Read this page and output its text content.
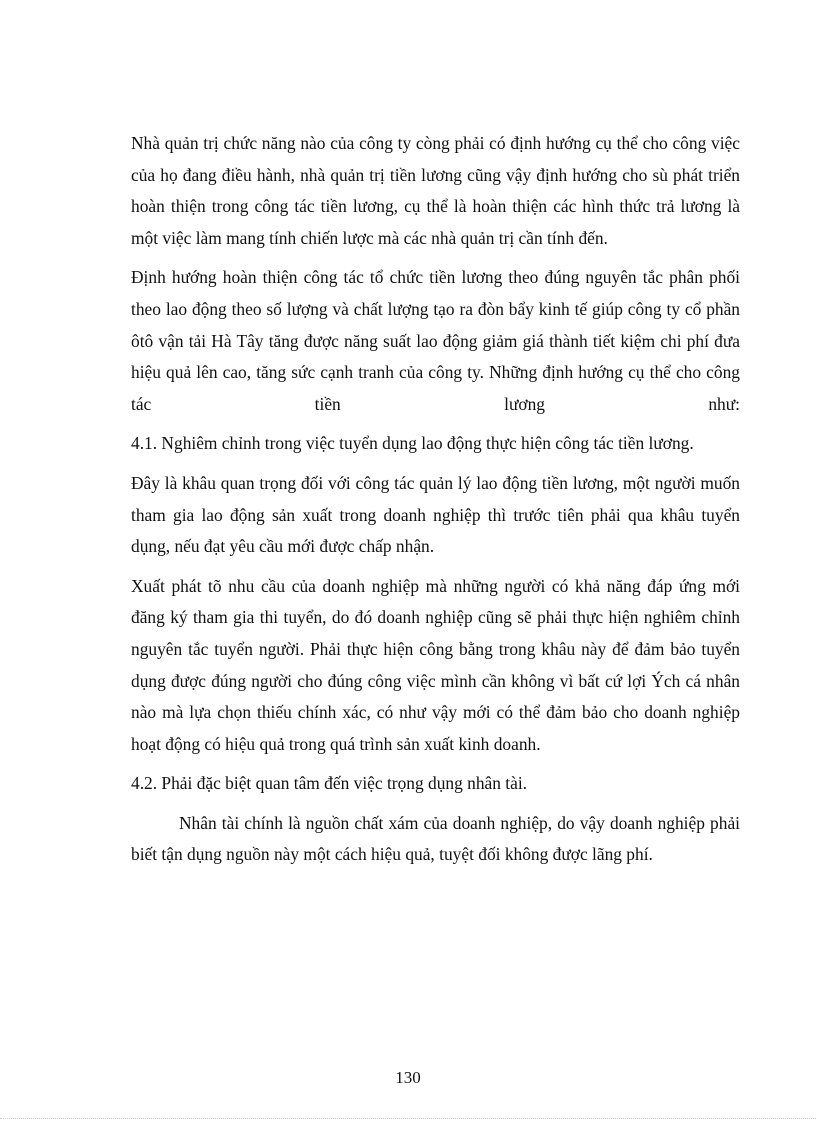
Nhà quản trị chức năng nào của công ty còng phải có định hướng cụ thể cho công việc của họ đang điều hành, nhà quản trị tiền lương cũng vậy định hướng cho sù phát triển hoàn thiện trong công tác tiền lương, cụ thể là hoàn thiện các hình thức trả lương là một việc làm mang tính chiến lược mà các nhà quản trị cần tính đến.

Định hướng hoàn thiện công tác tổ chức tiền lương theo đúng nguyên tắc phân phối theo lao động theo số lượng và chất lượng tạo ra đòn bẩy kinh tế giúp công ty cổ phần ôtô vận tải Hà Tây tăng được năng suất lao động giảm giá thành tiết kiệm chi phí đưa hiệu quả lên cao, tăng sức cạnh tranh của công ty. Những định hướng cụ thể cho công tác tiền lương như:

4.1. Nghiêm chỉnh trong việc tuyển dụng lao động thực hiện công tác tiền lương.

Đây là khâu quan trọng đối với công tác quản lý lao động tiền lương, một người muốn tham gia lao động sản xuất trong doanh nghiệp thì trước tiên phải qua khâu tuyển dụng, nếu đạt yêu cầu mới được chấp nhận.

Xuất phát tõ nhu cầu của doanh nghiệp mà những người có khả năng đáp ứng mới đăng ký tham gia thi tuyển, do đó doanh nghiệp cũng sẽ phải thực hiện nghiêm chỉnh nguyên tắc tuyển người. Phải thực hiện công bằng trong khâu này để đảm bảo tuyển dụng được đúng người cho đúng công việc mình cần không vì bất cứ lợi Ých cá nhân nào mà lựa chọn thiếu chính xác, có như vậy mới có thể đảm bảo cho doanh nghiệp hoạt động có hiệu quả trong quá trình sản xuất kinh doanh.

4.2. Phải đặc biệt quan tâm đến việc trọng dụng nhân tài.

Nhân tài chính là nguồn chất xám của doanh nghiệp, do vậy doanh nghiệp phải biết tận dụng nguồn này một cách hiệu quả, tuyệt đối không được lãng phí.

130
